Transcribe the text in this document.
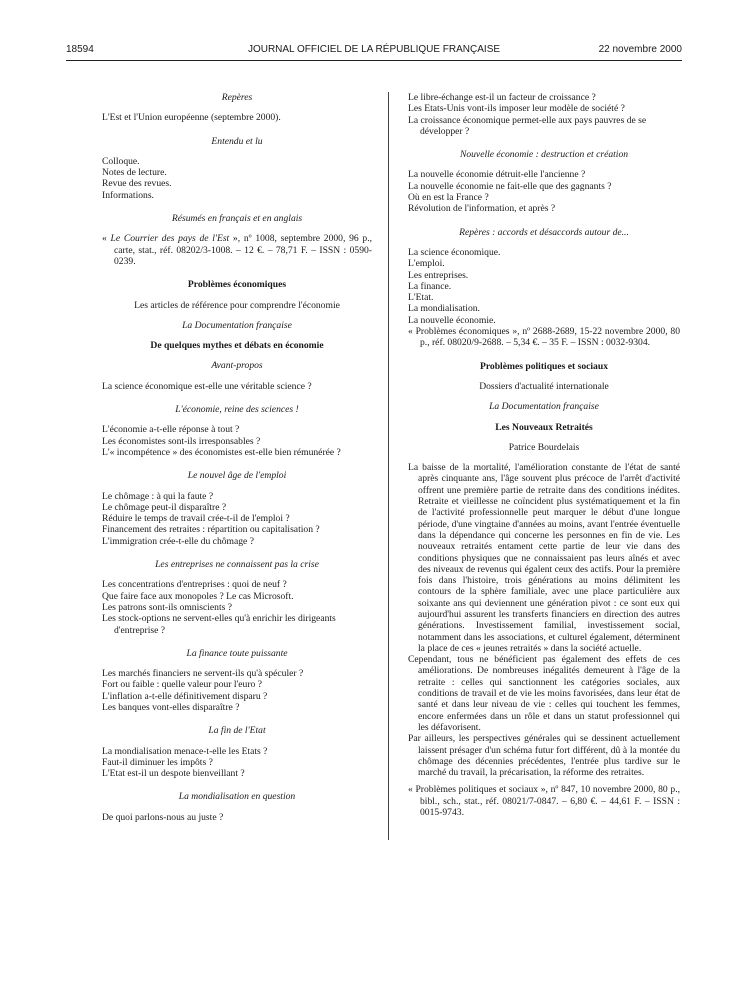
18594	JOURNAL OFFICIEL DE LA RÉPUBLIQUE FRANÇAISE	22 novembre 2000
Repères
L'Est et l'Union européenne (septembre 2000).
Entendu et lu
Colloque.
Notes de lecture.
Revue des revues.
Informations.
Résumés en français et en anglais

« Le Courrier des pays de l'Est », nº 1008, septembre 2000, 96 p., carte, stat., réf. 08202/3-1008. – 12 €. – 78,71 F. – ISSN : 0590-0239.

Problèmes économiques
Les articles de référence pour comprendre l'économie
La Documentation française
De quelques mythes et débats en économie
Avant-propos
La science économique est-elle une véritable science ?
L'économie, reine des sciences !
L'économie a-t-elle réponse à tout ?
Les économistes sont-ils irresponsables ?
L'« incompétence » des économistes est-elle bien rémunérée ?
Le nouvel âge de l'emploi
Le chômage : à qui la faute ?
Le chômage peut-il disparaître ?
Réduire le temps de travail crée-t-il de l'emploi ?
Financement des retraites : répartition ou capitalisation ?
L'immigration crée-t-elle du chômage ?
Les entreprises ne connaissent pas la crise
Les concentrations d'entreprises : quoi de neuf ?
Que faire face aux monopoles ? Le cas Microsoft.
Les patrons sont-ils omniscients ?
Les stock-options ne servent-elles qu'à enrichir les dirigeants d'entreprise ?
La finance toute puissante
Les marchés financiers ne servent-ils qu'à spéculer ?
Fort ou faible : quelle valeur pour l'euro ?
L'inflation a-t-elle définitivement disparu ?
Les banques vont-elles disparaître ?
La fin de l'Etat
La mondialisation menace-t-elle les Etats ?
Faut-il diminuer les impôts ?
L'Etat est-il un despote bienveillant ?
La mondialisation en question
De quoi parlons-nous au juste ?
Le libre-échange est-il un facteur de croissance ?
Les Etats-Unis vont-ils imposer leur modèle de société ?
La croissance économique permet-elle aux pays pauvres de se développer ?
Nouvelle économie : destruction et création
La nouvelle économie détruit-elle l'ancienne ?
La nouvelle économie ne fait-elle que des gagnants ?
Où en est la France ?
Révolution de l'information, et après ?
Repères : accords et désaccords autour de...
La science économique.
L'emploi.
Les entreprises.
La finance.
L'Etat.
La mondialisation.
La nouvelle économie.

« Problèmes économiques », nº 2688-2689, 15-22 novembre 2000, 80 p., réf. 08020/9-2688. – 5,34 €. – 35 F. – ISSN : 0032-9304.

Problèmes politiques et sociaux
Dossiers d'actualité internationale
La Documentation française
Les Nouveaux Retraités
Patrice Bourdelais

La baisse de la mortalité, l'amélioration constante de l'état de santé après cinquante ans, l'âge souvent plus précoce de l'arrêt d'activité offrent une première partie de retraite dans des conditions inédites. Retraite et vieillesse ne coïncident plus systématiquement et la fin de l'activité professionnelle peut marquer le début d'une longue période, d'une vingtaine d'années au moins, avant l'entrée éventuelle dans la dépendance qui concerne les personnes en fin de vie. Les nouveaux retraités entament cette partie de leur vie dans des conditions physiques que ne connaissaient pas leurs aînés et avec des niveaux de revenus qui égalent ceux des actifs. Pour la première fois dans l'histoire, trois générations au moins délimitent les contours de la sphère familiale, avec une place particulière aux soixante ans qui deviennent une génération pivot : ce sont eux qui aujourd'hui assurent les transferts financiers en direction des autres générations. Investissement familial, investissement social, notamment dans les associations, et culturel également, déterminent la place de ces « jeunes retraités » dans la société actuelle.

Cependant, tous ne bénéficient pas également des effets de ces améliorations. De nombreuses inégalités demeurent à l'âge de la retraite : celles qui sanctionnent les catégories sociales, aux conditions de travail et de vie les moins favorisées, dans leur état de santé et dans leur niveau de vie : celles qui touchent les femmes, encore enfermées dans un rôle et dans un statut professionnel qui les défavorisent.

Par ailleurs, les perspectives générales qui se dessinent actuellement laissent présager d'un schéma futur fort différent, dû à la montée du chômage des décennies précédentes, l'entrée plus tardive sur le marché du travail, la précarisation, la réforme des retraites.

« Problèmes politiques et sociaux », nº 847, 10 novembre 2000, 80 p., bibl., sch., stat., réf. 08021/7-0847. – 6,80 €. – 44,61 F. – ISSN : 0015-9743.
